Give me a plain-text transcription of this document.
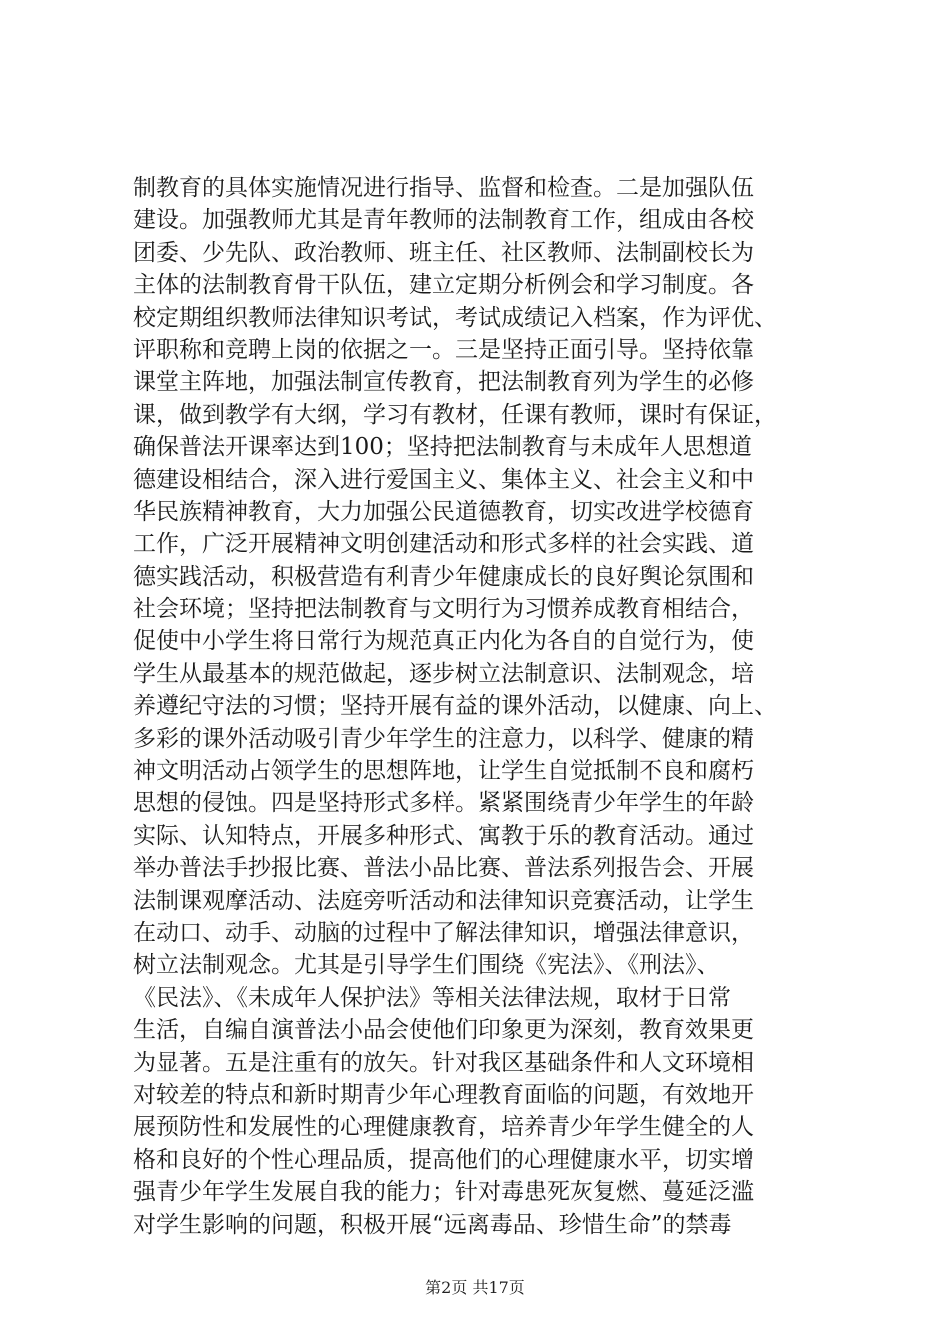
制教育的具体实施情况进行指导、监督和检查。二是加强队伍
建设。加强教师尤其是青年教师的法制教育工作，组成由各校
团委、少先队、政治教师、班主任、社区教师、法制副校长为
主体的法制教育骨干队伍，建立定期分析例会和学习制度。各
校定期组织教师法律知识考试，考试成绩记入档案，作为评优、
评职称和竞聘上岗的依据之一。三是坚持正面引导。坚持依靠
课堂主阵地，加强法制宣传教育，把法制教育列为学生的必修
课，做到教学有大纲，学习有教材，任课有教师，课时有保证，
确保普法开课率达到100；坚持把法制教育与未成年人思想道
德建设相结合，深入进行爱国主义、集体主义、社会主义和中
华民族精神教育，大力加强公民道德教育，切实改进学校德育
工作，广泛开展精神文明创建活动和形式多样的社会实践、道
德实践活动，积极营造有利青少年健康成长的良好舆论氛围和
社会环境；坚持把法制教育与文明行为习惯养成教育相结合，
促使中小学生将日常行为规范真正内化为各自的自觉行为，使
学生从最基本的规范做起，逐步树立法制意识、法制观念，培
养遵纪守法的习惯；坚持开展有益的课外活动，以健康、向上、
多彩的课外活动吸引青少年学生的注意力，以科学、健康的精
神文明活动占领学生的思想阵地，让学生自觉抵制不良和腐朽
思想的侵蚀。四是坚持形式多样。紧紧围绕青少年学生的年龄
实际、认知特点，开展多种形式、寓教于乐的教育活动。通过
举办普法手抄报比赛、普法小品比赛、普法系列报告会、开展
法制课观摩活动、法庭旁听活动和法律知识竞赛活动，让学生
在动口、动手、动脑的过程中了解法律知识，增强法律意识，
树立法制观念。尤其是引导学生们围绕《宪法》、《刑法》、
《民法》、《未成年人保护法》等相关法律法规，取材于日常
生活，自编自演普法小品会使他们印象更为深刻，教育效果更
为显著。五是注重有的放矢。针对我区基础条件和人文环境相
对较差的特点和新时期青少年心理教育面临的问题，有效地开
展预防性和发展性的心理健康教育，培养青少年学生健全的人
格和良好的个性心理品质，提高他们的心理健康水平，切实增
强青少年学生发展自我的能力；针对毒患死灰复燃、蔓延泛滥
对学生影响的问题，积极开展“远离毒品、珍惜生命”的禁毒
第2页 共17页
